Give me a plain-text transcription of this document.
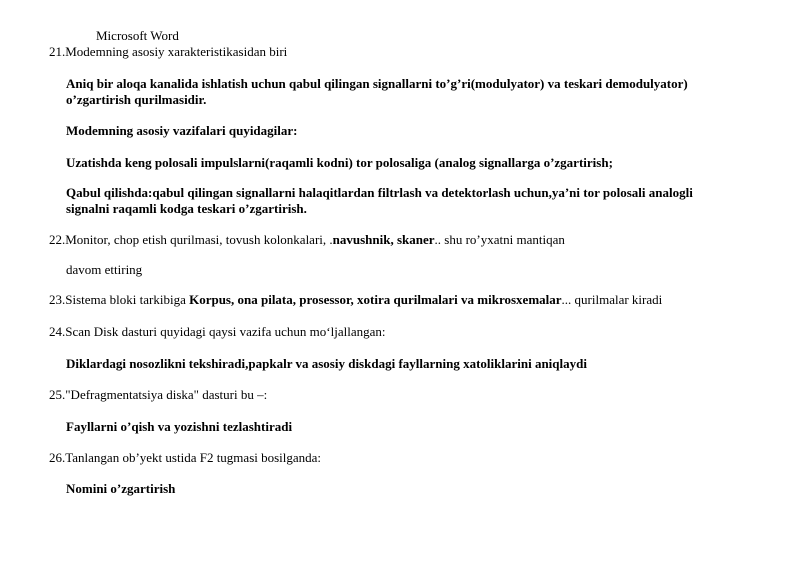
Microsoft Word
21.Modemning asosiy xarakteristikasidan biri
Aniq bir aloqa kanalida ishlatish uchun qabul qilingan signallarni to’g’ri(modulyator) va teskari demodulyator)
o’zgartirish qurilmasidir.
Modemning asosiy vazifalari quyidagilar:
Uzatishda keng polosali impulslarni(raqamli kodni) tor polosaliga (analog signallarga o’zgartirish;
Qabul qilishda:qabul qilingan signallarni halaqitlardan filtrlash va detektorlash uchun,ya’ni tor polosali analogli
signalni raqamli kodga teskari o’zgartirish.
22.Monitor, chop etish qurilmasi, tovush kolonkalari, .navushnik, skaner.. shu ro’yxatni mantiqan
davom ettiring
23.Sistema bloki tarkibiga Korpus, ona pilata, prosessor, xotira qurilmalari va mikrosxemalar... qurilmalar kiradi
24.Scan Disk dasturi quyidagi qaysi vazifa uchun mo‘ljallangan:
Diklardagi nosozlikni tekshiradi,papkalr va asosiy diskdagi fayllarning xatoliklarini aniqlaydi
25."Defragmentatsiya diska" dasturi bu –:
Fayllarni o’qish va yozishni tezlashtiradi
26.Tanlangan ob’yekt ustida F2 tugmasi bosilganda:
Nomini o’zgartirish
